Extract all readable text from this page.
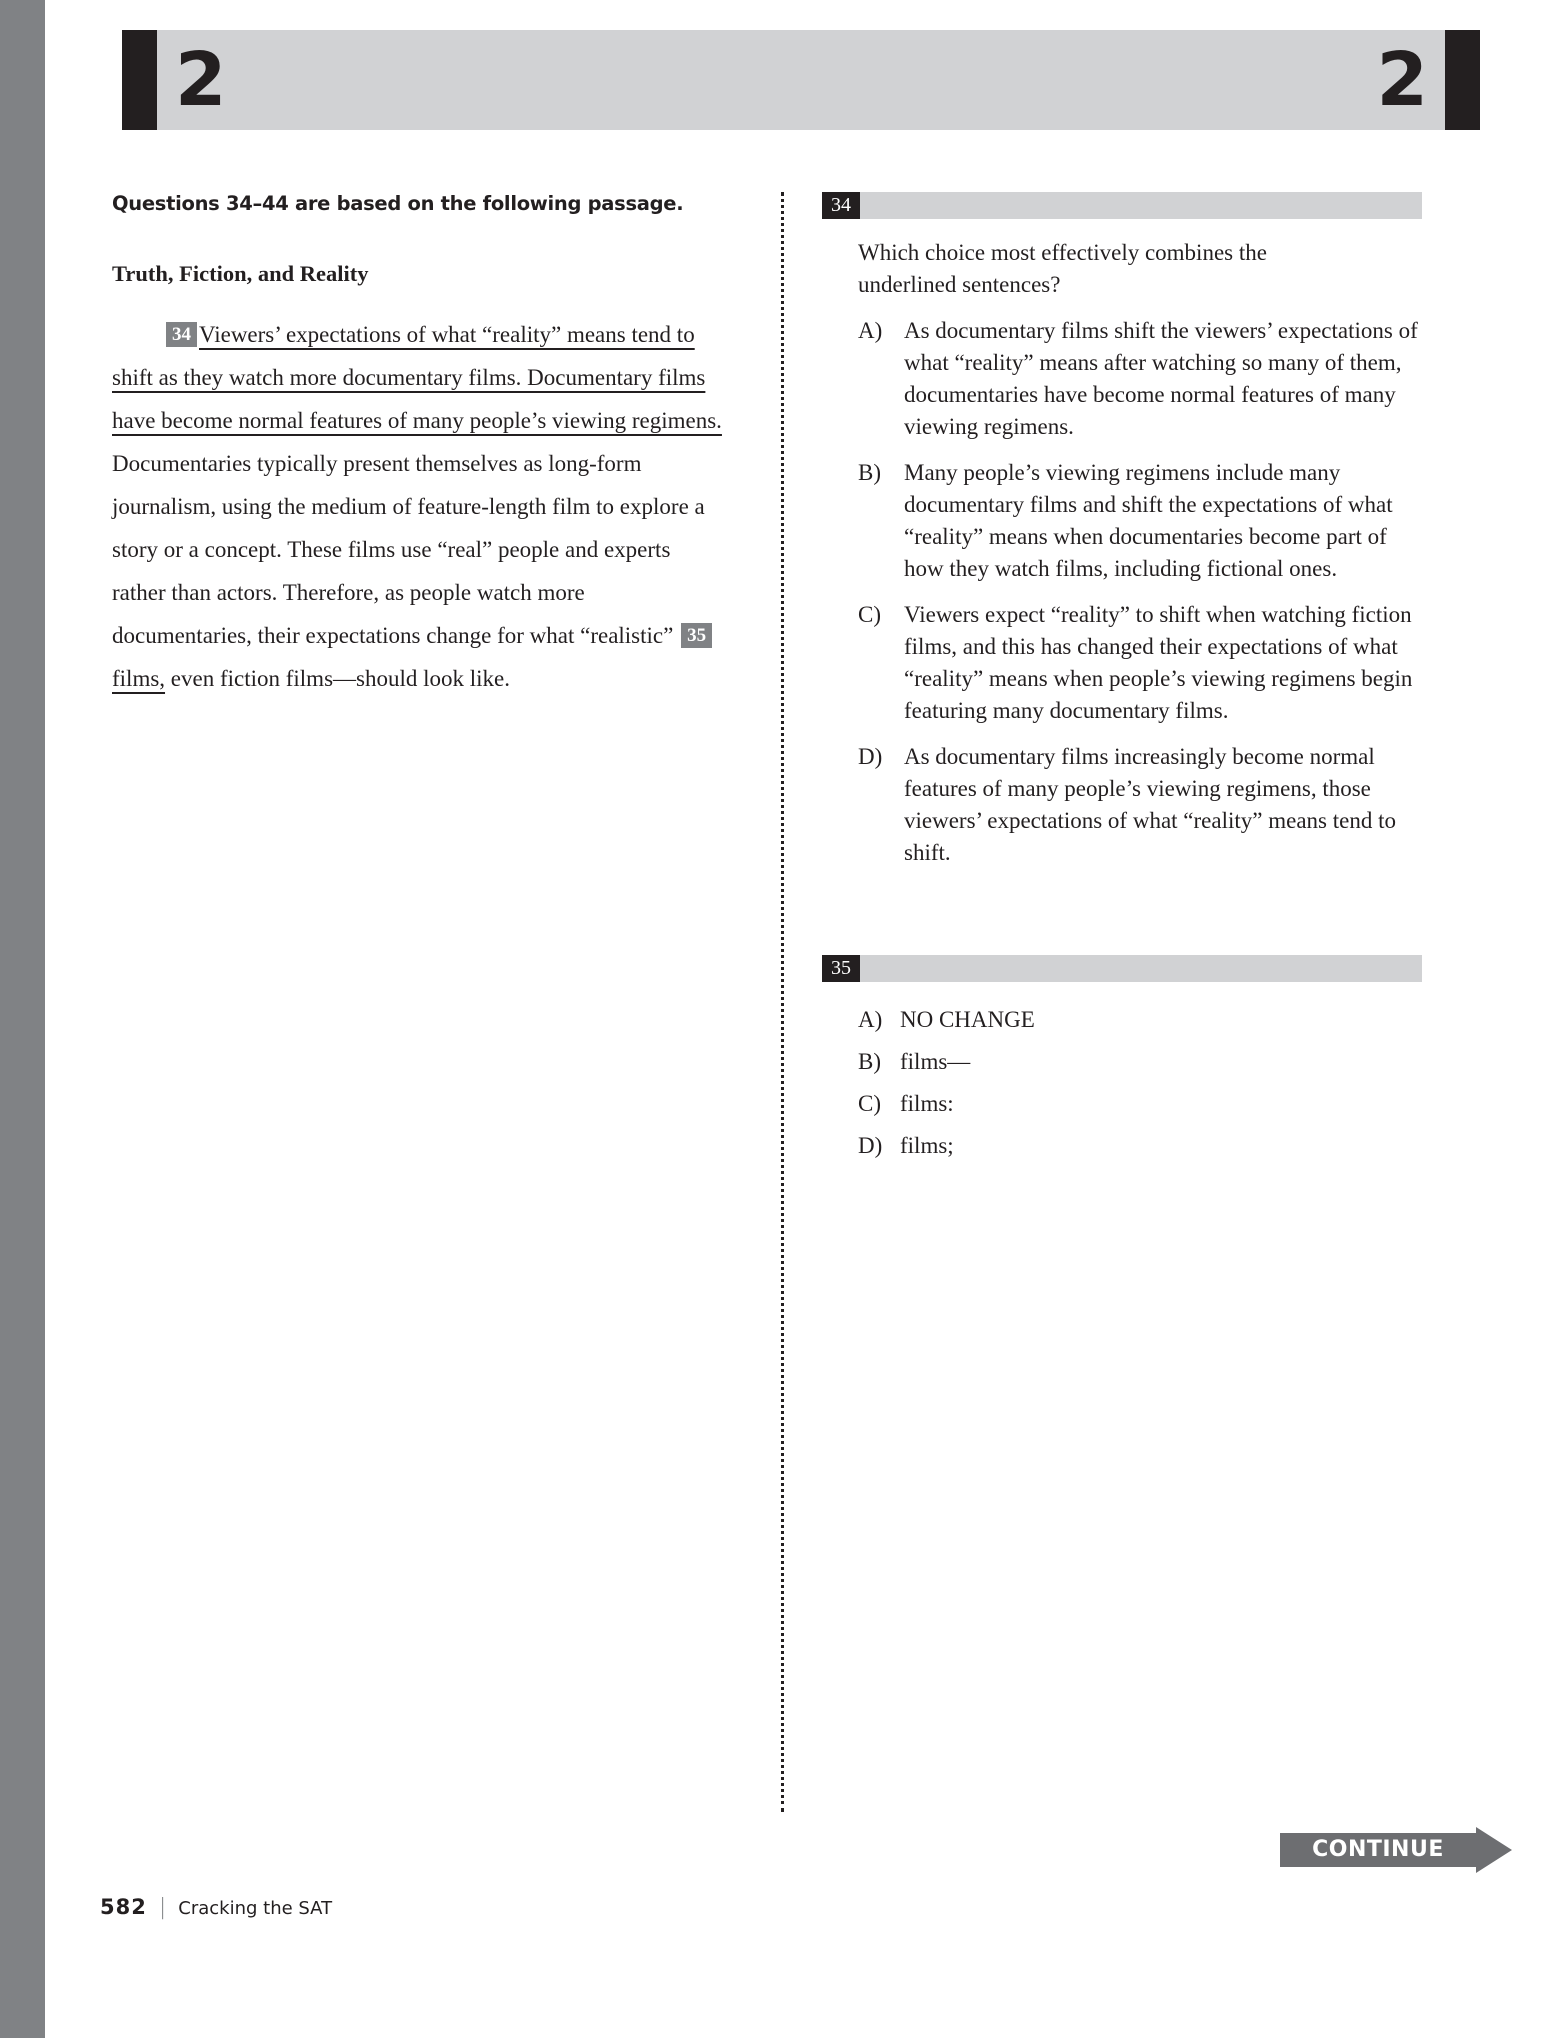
2	2

Questions 34–44 are based on the following passage.

Truth, Fiction, and Reality

34 Viewers’ expectations of what “reality” means tend to shift as they watch more documentary films. Documentary films have become normal features of many people’s viewing regimens. Documentaries typically present themselves as long-form journalism, using the medium of feature-length film to explore a story or a concept. These films use “real” people and experts rather than actors. Therefore, as people watch more documentaries, their expectations change for what “realistic” 35films, even fiction films—should look like.

34

Which choice most effectively combines the underlined sentences?

A) As documentary films shift the viewers’ expectations of what “reality” means after watching so many of them, documentaries have become normal features of many viewing regimens.
B)	Many people’s viewing regimens include many documentary films and shift the expectations of what “reality” means when documentaries become part of how they watch films, including fictional ones.
C)	Viewers expect “reality” to shift when watching fiction films, and this has changed their expectations of what “reality” means when people’s viewing regimens begin featuring many documentary films.
D) As documentary films increasingly become normal features of many people’s viewing regimens, those viewers’ expectations of what “reality” means tend to shift.
35
A) NO CHANGE
B) films—
C) films:
D) films;
CONTINUE
582 | Cracking the SAT
